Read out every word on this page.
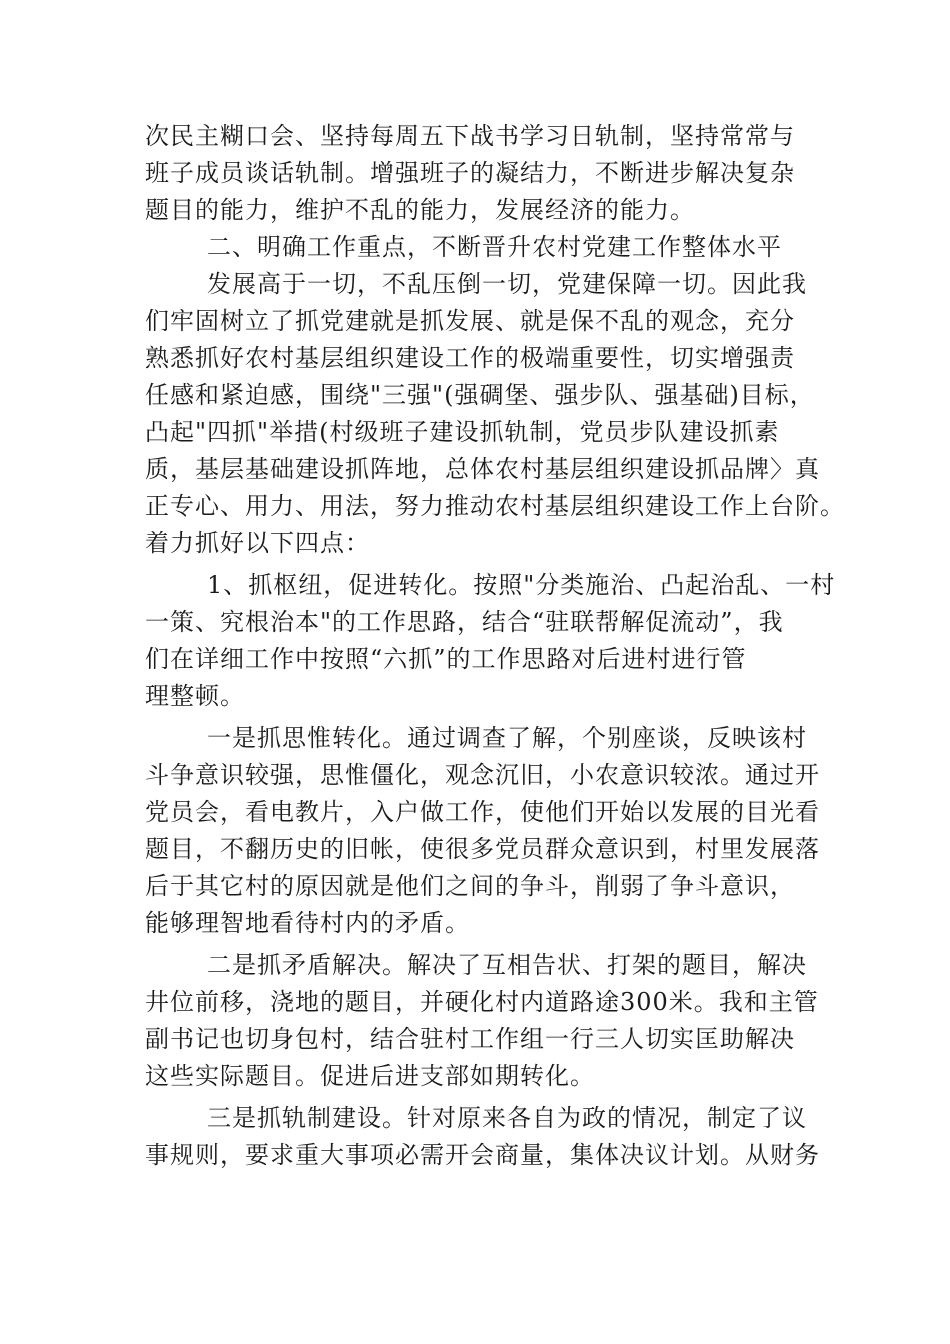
次民主糊口会、坚持每周五下战书学习日轨制，坚持常常与
班子成员谈话轨制。增强班子的凝结力，不断进步解决复杂
题目的能力，维护不乱的能力，发展经济的能力。
二、明确工作重点，不断晋升农村党建工作整体水平
发展高于一切，不乱压倒一切，党建保障一切。因此我
们牢固树立了抓党建就是抓发展、就是保不乱的观念，充分
熟悉抓好农村基层组织建设工作的极端重要性，切实增强责
任感和紧迫感，围绕"三强"(强碉堡、强步队、强基础)目标，
凸起"四抓"举措(村级班子建设抓轨制，党员步队建设抓素
质，基层基础建设抓阵地，总体农村基层组织建设抓品牌〉真
正专心、用力、用法，努力推动农村基层组织建设工作上台阶。
着力抓好以下四点：
1、抓枢纽，促进转化。按照"分类施治、凸起治乱、一村
一策、究根治本"的工作思路，结合“驻联帮解促流动”，我
们在详细工作中按照“六抓”的工作思路对后进村进行管
理整顿。
一是抓思惟转化。通过调查了解，个别座谈，反映该村
斗争意识较强，思惟僵化，观念沉旧，小农意识较浓。通过开
党员会，看电教片，入户做工作，使他们开始以发展的目光看
题目，不翻历史的旧帐，使很多党员群众意识到，村里发展落
后于其它村的原因就是他们之间的争斗，削弱了争斗意识，
能够理智地看待村内的矛盾。
二是抓矛盾解决。解决了互相告状、打架的题目，解决
井位前移，浇地的题目，并硬化村内道路途300米。我和主管
副书记也切身包村，结合驻村工作组一行三人切实匡助解决
这些实际题目。促进后进支部如期转化。
三是抓轨制建设。针对原来各自为政的情况，制定了议
事规则，要求重大事项必需开会商量，集体决议计划。从财务
